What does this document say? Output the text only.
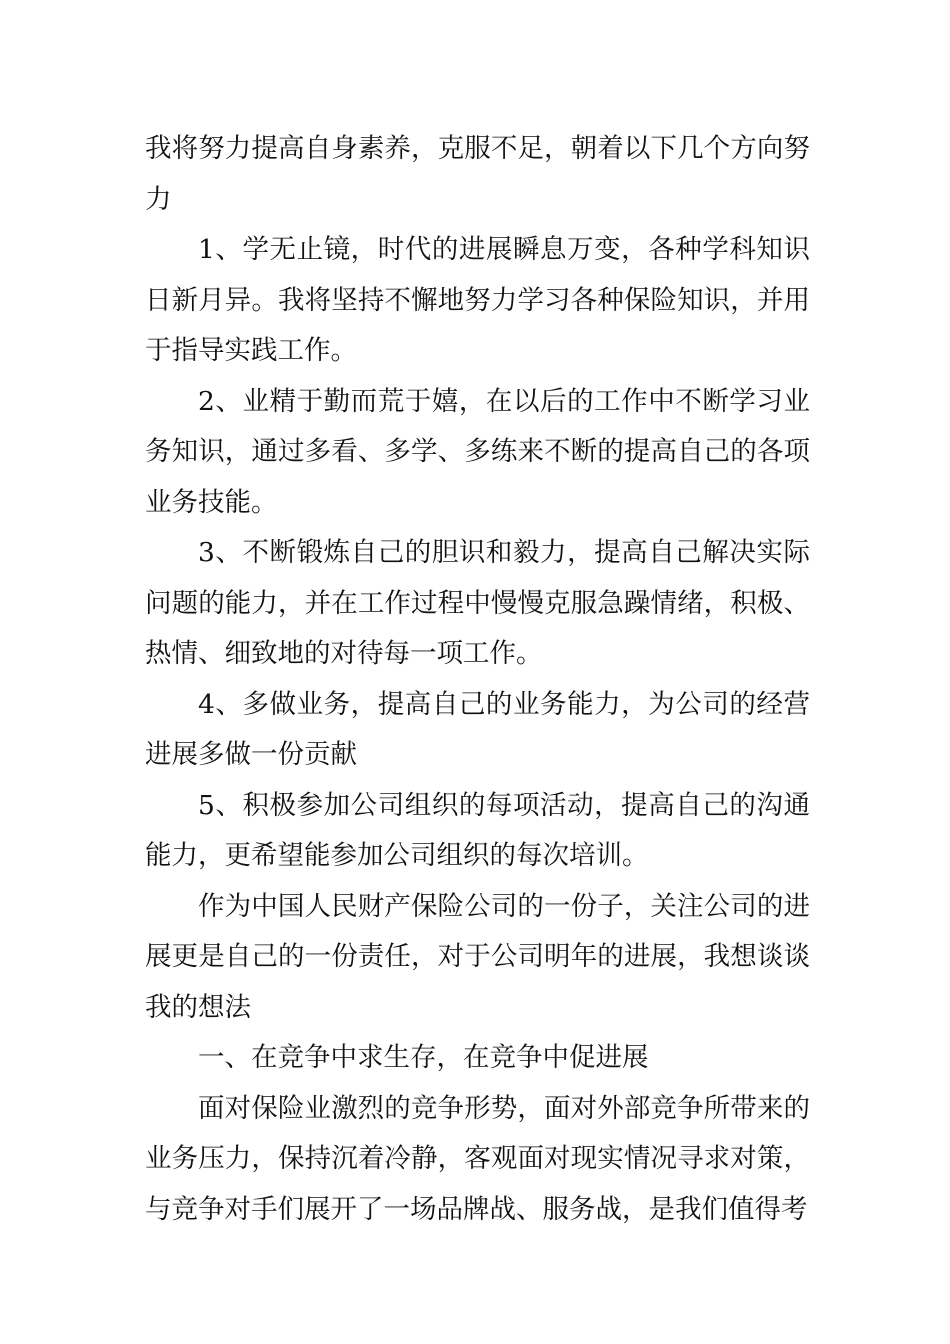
我将努力提高自身素养，克服不足，朝着以下几个方向努力

1、学无止镜，时代的进展瞬息万变，各种学科知识日新月异。我将坚持不懈地努力学习各种保险知识，并用于指导实践工作。

2、业精于勤而荒于嬉，在以后的工作中不断学习业务知识，通过多看、多学、多练来不断的提高自己的各项业务技能。

3、不断锻炼自己的胆识和毅力，提高自己解决实际问题的能力，并在工作过程中慢慢克服急躁情绪，积极、热情、细致地的对待每一项工作。

4、多做业务，提高自己的业务能力，为公司的经营进展多做一份贡献

5、积极参加公司组织的每项活动，提高自己的沟通能力，更希望能参加公司组织的每次培训。

作为中国人民财产保险公司的一份子，关注公司的进展更是自己的一份责任，对于公司明年的进展，我想谈谈我的想法

一、在竞争中求生存，在竞争中促进展

面对保险业激烈的竞争形势，面对外部竞争所带来的业务压力，保持沉着冷静，客观面对现实情况寻求对策，与竞争对手们展开了一场品牌战、服务战，是我们值得考
